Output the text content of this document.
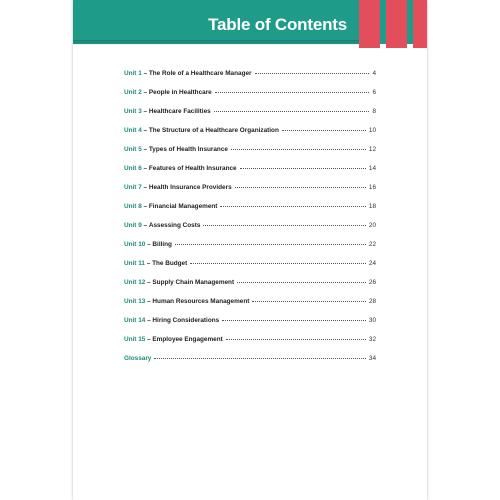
Table of Contents
Unit 1 – The Role of a Healthcare Manager	4
Unit 2 – People in Healthcare	6
Unit 3 – Healthcare Facilities	8
Unit 4 – The Structure of a Healthcare Organization	10
Unit 5 – Types of Health Insurance	12
Unit 6 – Features of Health Insurance	14
Unit 7 – Health Insurance Providers	16
Unit 8 – Financial Management	18
Unit 9 – Assessing Costs	20
Unit 10 – Billing	22
Unit 11 – The Budget	24
Unit 12 – Supply Chain Management	26
Unit 13 – Human Resources Management	28
Unit 14 – Hiring Considerations	30
Unit 15 – Employee Engagement	32
Glossary	34
